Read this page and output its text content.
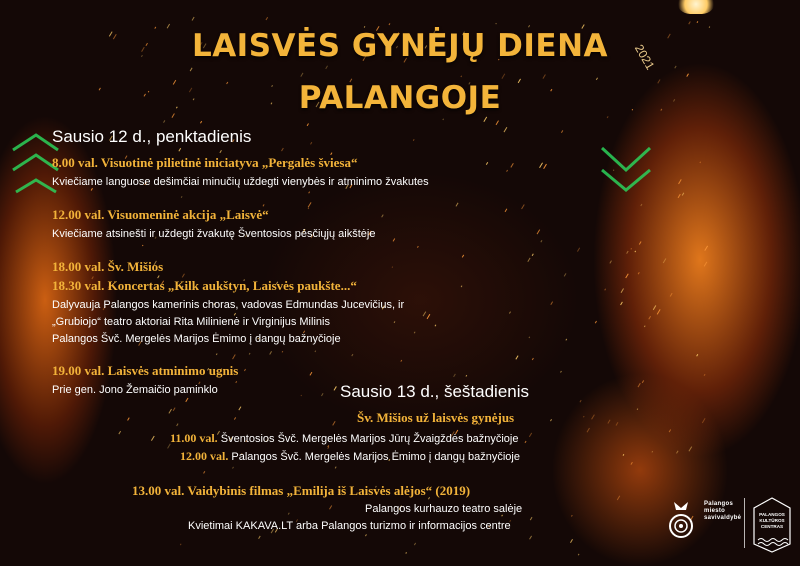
LAISVĖS GYNĖJŲ DIENA
PALANGOJE
2021
Sausio 12 d., penktadienis
8.00 val. Visuotinė pilietinė iniciatyva „Pergalės šviesa“
Kviečiame languose dešimčiai minučių uždegti vienybės ir atminimo žvakutes
12.00 val. Visuomeninė akcija „Laisvė“
Kviečiame atsinešti ir uždegti žvakutę Šventosios pėsčiųjų aikštėje
18.00 val. Šv. Mišios
18.30 val. Koncertas „Kilk aukštyn, Laisvės paukšte...“
Dalyvauja Palangos kamerinis choras, vadovas Edmundas Jucevičius, ir
„Grubiojo“ teatro aktoriai Rita Milinienė ir Virginijus Milinis
Palangos Švč. Mergelės Marijos Ėmimo į dangų bažnyčioje
19.00 val. Laisvės atminimo ugnis
Prie gen. Jono Žemaičio paminklo	Sausio 13 d., šeštadienis
Šv. Mišios už laisvės gynėjus
11.00 val. Šventosios Švč. Mergelės Marijos Jūrų Žvaigždės bažnyčioje
12.00 val. Palangos Švč. Mergelės Marijos Ėmimo į dangų bažnyčioje
13.00 val. Vaidybinis filmas „Emilija iš Laisvės alėjos“ (2019)
Palangos kurhauzo teatro salėje
Kvietimai KAKAVA.LT arba Palangos turizmo ir informacijos centre
Palangos
miesto
savivaldybė
PALANGOS
KULTŪROS
CENTRAS
